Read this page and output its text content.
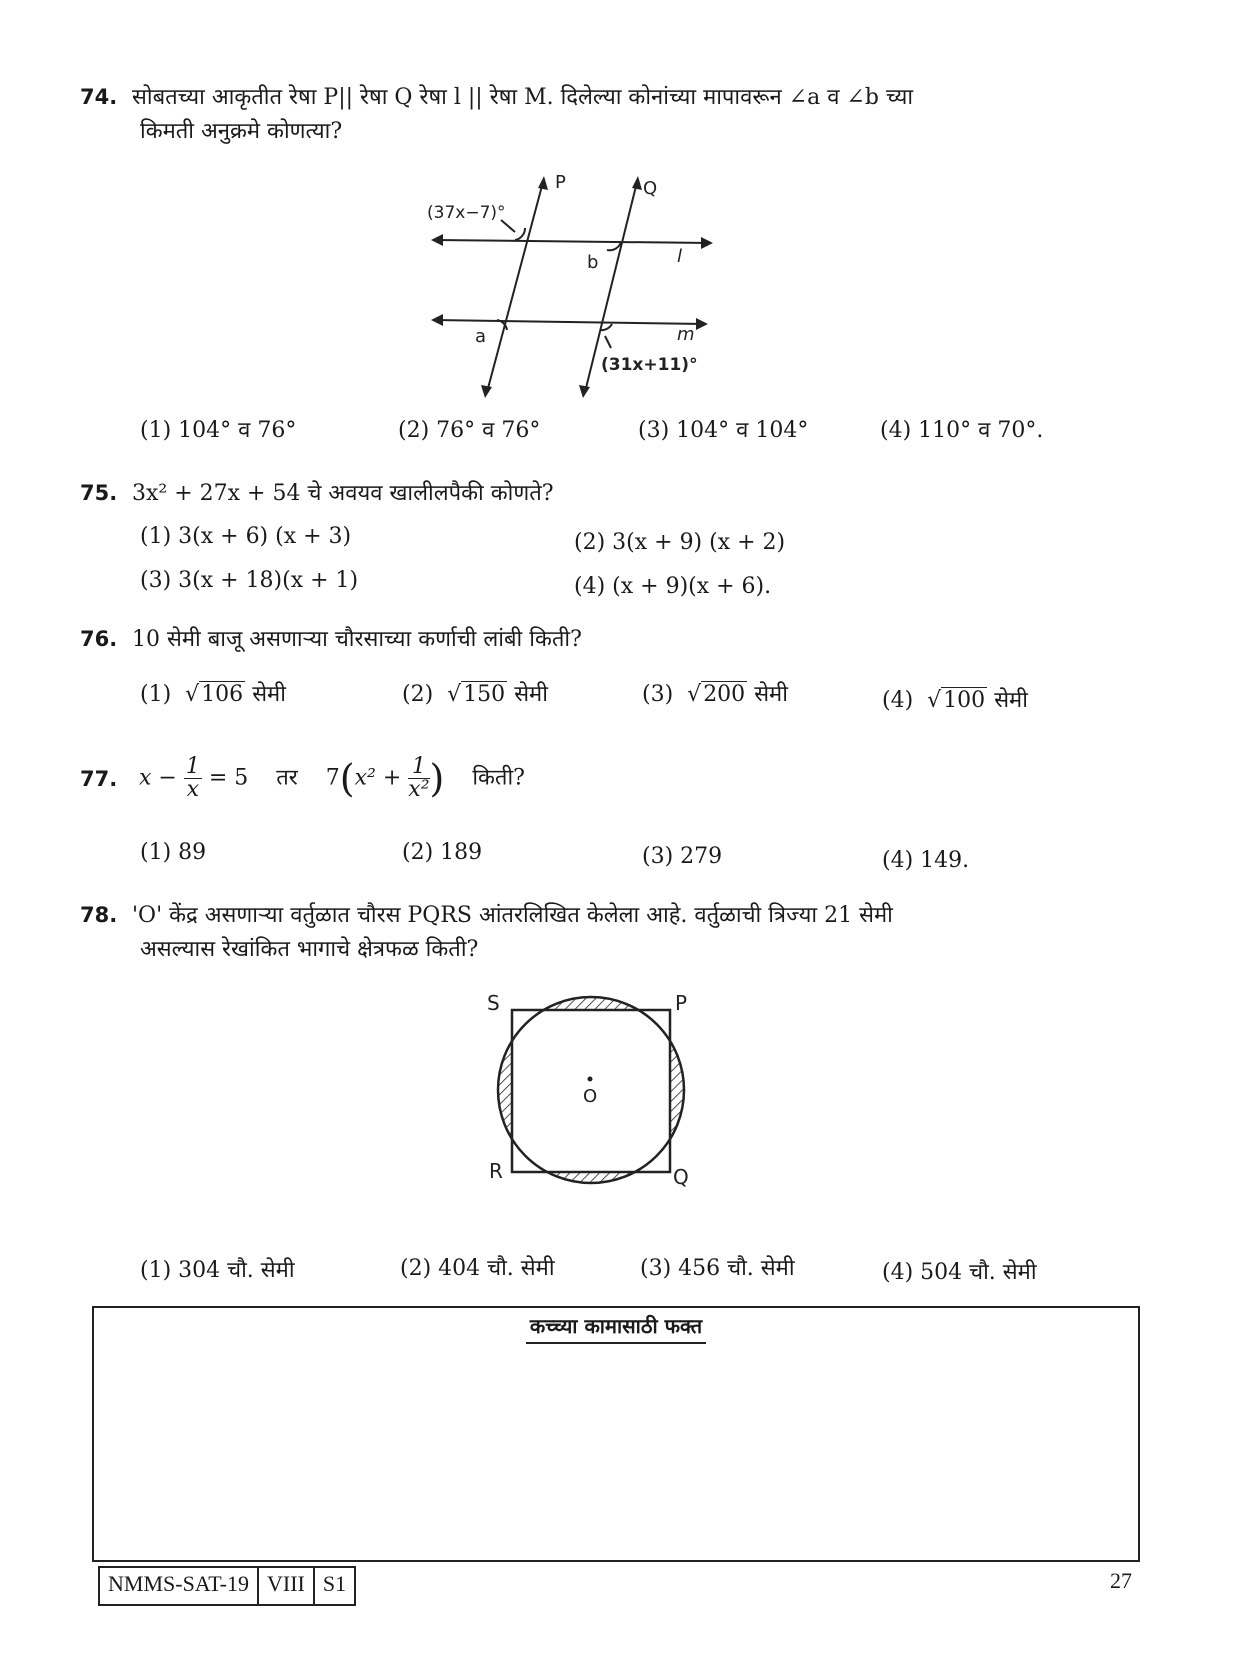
74. सोबतच्या आकृतीत रेषा P|| रेषा Q रेषा l || रेषा M. दिलेल्या कोनांच्या मापावरून ∠a व ∠b च्या
किमती अनुक्रमे कोणत्या?
P	Q
l
m
a
b
(37x−7)°
(31x+11)°
(1) 104° व 76°	(2) 76° व 76°	(3) 104° व 104°	(4) 110° व 70°.
75. 3x² + 27x + 54 चे अवयव खालीलपैकी कोणते?
(1) 3(x + 6) (x + 3)	(2) 3(x + 9) (x + 2)
(3) 3(x + 18)(x + 1)	(4) (x + 9)(x + 6).
76. 10 सेमी बाजू असणाऱ्या चौरसाच्या कर्णाची लांबी किती?
(1)  √106 सेमी	(2)  √150 सेमी	(3)  √200 सेमी	(4)  √100 सेमी
77. $x - \frac{1}{x} = 5$ तर $7(x^2 + \frac{1}{\text{x²}}$ ) किती?
(1) 89	(2) 189	(3) 279	(4) 149.
78. 'O' केंद्र असणाऱ्या वर्तुळात चौरस PQRS आंतरलिखित केलेला आहे. वर्तुळाची त्रिज्या 21 सेमी
असल्यास रेखांकित भागाचे क्षेत्रफळ किती?
S	P
R	Q
O
(1) 304 चौ. सेमी	(2) 404 चौ. सेमी	(3) 456 चौ. सेमी	(4) 504 चौ. सेमी
कच्च्या कामासाठी फक्त
NMMS-SAT-19 VIII S1	27
